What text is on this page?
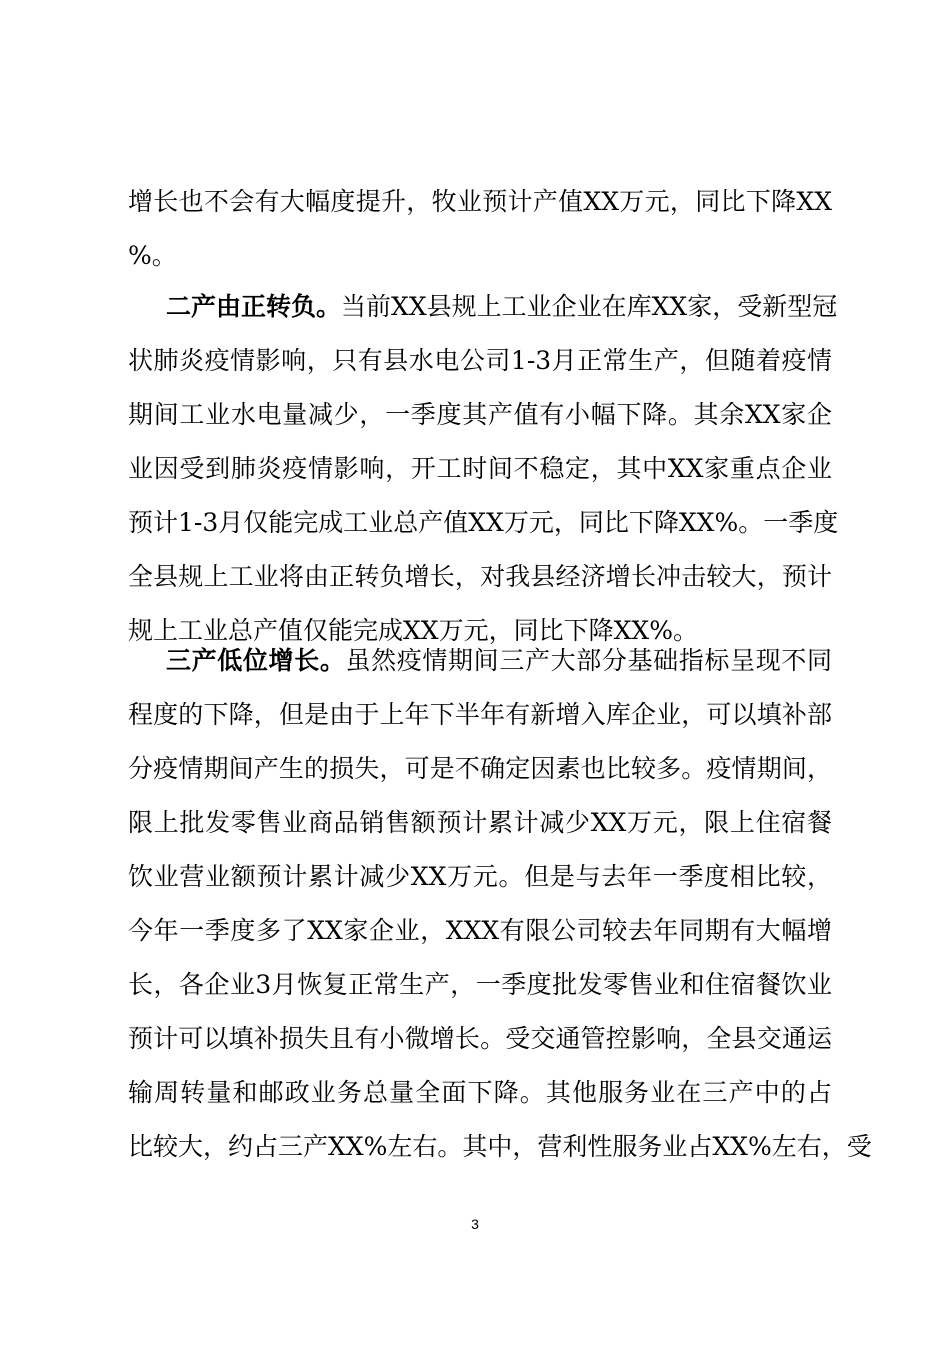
增长也不会有大幅度提升，牧业预计产值XX万元，同比下降XX
%。
二产由正转负。当前XX县规上工业企业在库XX家，受新型冠
状肺炎疫情影响，只有县水电公司1-3月正常生产，但随着疫情
期间工业水电量减少，一季度其产值有小幅下降。其余XX家企
业因受到肺炎疫情影响，开工时间不稳定，其中XX家重点企业
预计1-3月仅能完成工业总产值XX万元，同比下降XX%。一季度
全县规上工业将由正转负增长，对我县经济增长冲击较大，预计
规上工业总产值仅能完成XX万元，同比下降XX%。
三产低位增长。虽然疫情期间三产大部分基础指标呈现不同
程度的下降，但是由于上年下半年有新增入库企业，可以填补部
分疫情期间产生的损失，可是不确定因素也比较多。疫情期间，
限上批发零售业商品销售额预计累计减少XX万元，限上住宿餐
饮业营业额预计累计减少XX万元。但是与去年一季度相比较，
今年一季度多了XX家企业，XXX有限公司较去年同期有大幅增
长，各企业3月恢复正常生产，一季度批发零售业和住宿餐饮业
预计可以填补损失且有小微增长。受交通管控影响，全县交通运
输周转量和邮政业务总量全面下降。其他服务业在三产中的占
比较大，约占三产XX%左右。其中，营利性服务业占XX%左右，受
3
